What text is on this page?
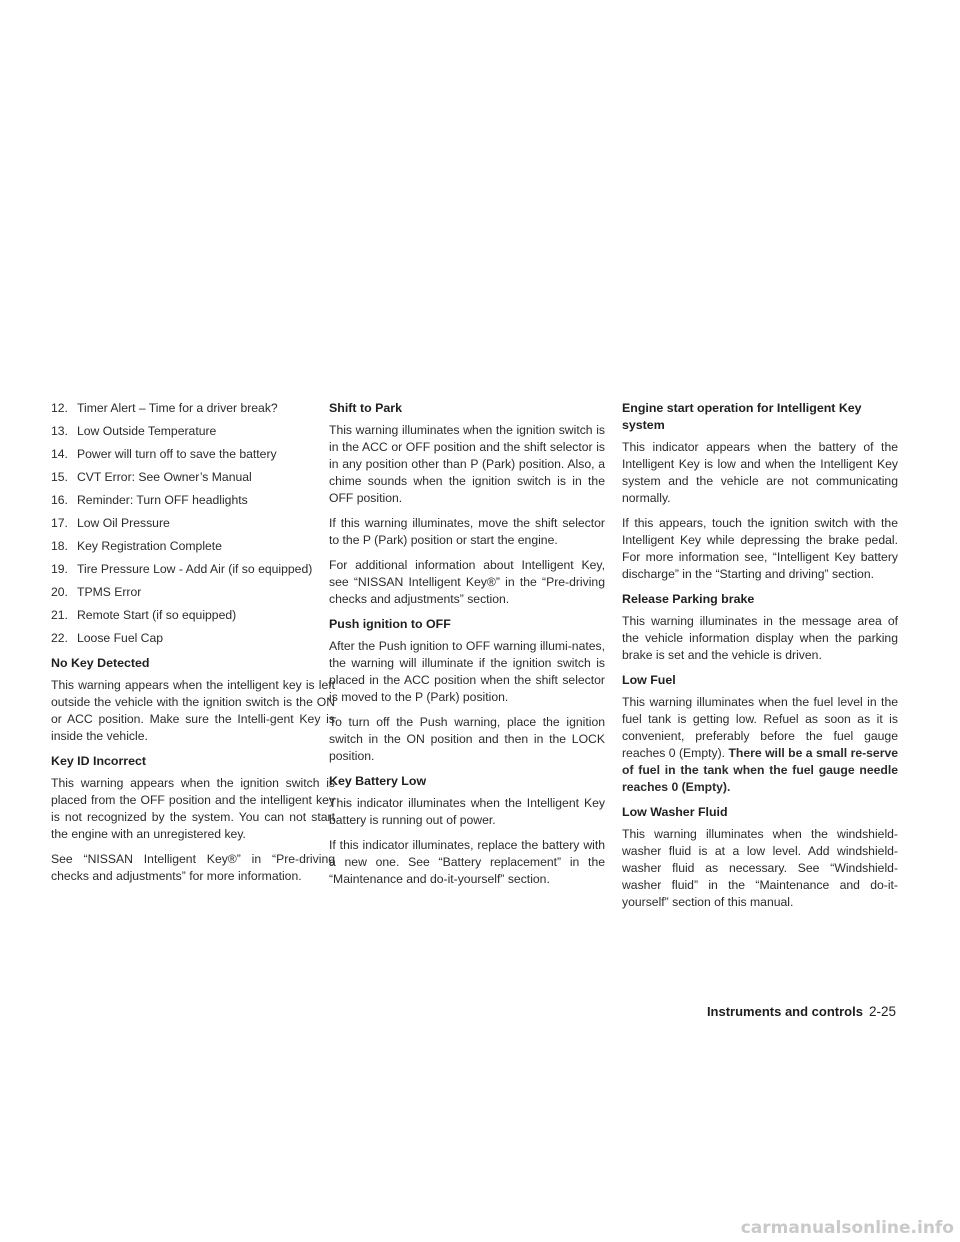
12. Timer Alert – Time for a driver break?
13. Low Outside Temperature
14. Power will turn off to save the battery
15. CVT Error: See Owner’s Manual
16. Reminder: Turn OFF headlights
17. Low Oil Pressure
18. Key Registration Complete
19. Tire Pressure Low - Add Air (if so equipped)
20. TPMS Error
21. Remote Start (if so equipped)
22. Loose Fuel Cap
No Key Detected

This warning appears when the intelligent key is left outside the vehicle with the ignition switch is the ON or ACC position. Make sure the Intelli-gent Key is inside the vehicle.

Key ID Incorrect

This warning appears when the ignition switch is placed from the OFF position and the intelligent key is not recognized by the system. You can not start the engine with an unregistered key.

See “NISSAN Intelligent Key®” in “Pre-driving checks and adjustments” for more information.

Shift to Park

This warning illuminates when the ignition switch is in the ACC or OFF position and the shift selector is in any position other than P (Park) position. Also, a chime sounds when the ignition switch is in the OFF position.

If this warning illuminates, move the shift selector to the P (Park) position or start the engine.

For additional information about Intelligent Key, see “NISSAN Intelligent Key®” in the “Pre-driving checks and adjustments” section.

Push ignition to OFF

After the Push ignition to OFF warning illumi-nates, the warning will illuminate if the ignition switch is placed in the ACC position when the shift selector is moved to the P (Park) position.

To turn off the Push warning, place the ignition switch in the ON position and then in the LOCK position.

Key Battery Low

This indicator illuminates when the Intelligent Key battery is running out of power.

If this indicator illuminates, replace the battery with a new one. See “Battery replacement” in the “Maintenance and do-it-yourself” section.

Engine start operation for Intelligent Key system

This indicator appears when the battery of the Intelligent Key is low and when the Intelligent Key system and the vehicle are not communicating normally.

If this appears, touch the ignition switch with the Intelligent Key while depressing the brake pedal. For more information see, “Intelligent Key battery discharge” in the “Starting and driving” section.

Release Parking brake

This warning illuminates in the message area of the vehicle information display when the parking brake is set and the vehicle is driven.

Low Fuel

This warning illuminates when the fuel level in the fuel tank is getting low. Refuel as soon as it is convenient, preferably before the fuel gauge reaches 0 (Empty). There will be a small re-serve of fuel in the tank when the fuel gauge needle reaches 0 (Empty).

Low Washer Fluid

This warning illuminates when the windshield-washer fluid is at a low level. Add windshield-washer fluid as necessary. See “Windshield-washer fluid” in the “Maintenance and do-it-yourself” section of this manual.

Instruments and controls 2-25
carmanualsonline.info
